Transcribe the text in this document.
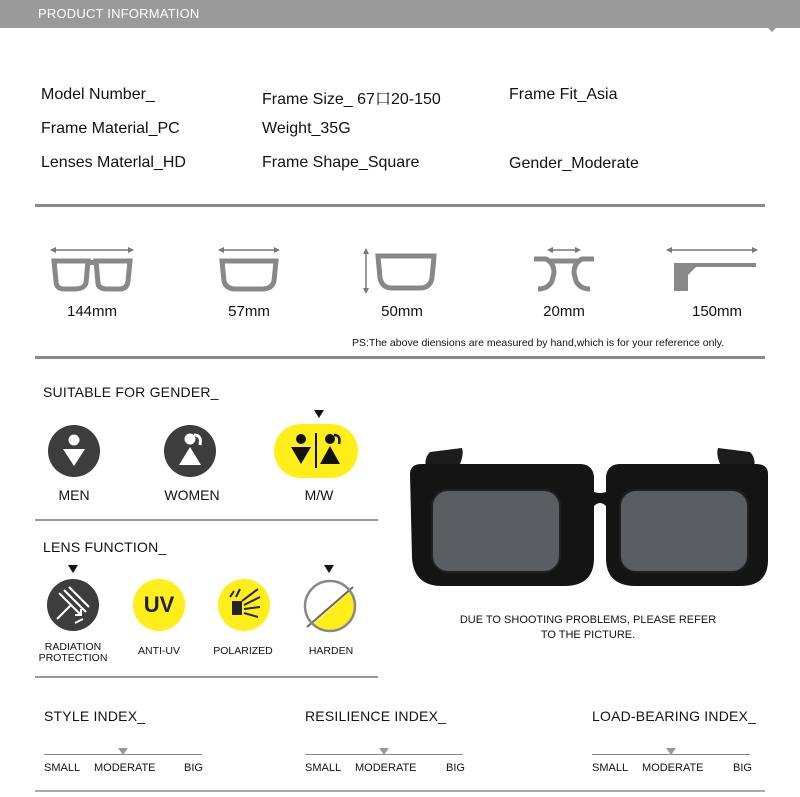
PRODUCT INFORMATION
Model Number_	Frame Size_ 67口20-150	Frame Fit_Asia
Frame Material_PC	Weight_35G
Lenses Materlal_HD	Frame Shape_Square	Gender_Moderate
144mm	57mm	50mm	20mm	150mm
PS:The above diensions are measured by hand,which is for your reference only.
SUITABLE FOR GENDER_
MEN	WOMEN	M/W
LENS FUNCTION_
UV
RADIATION
PROTECTION
ANTI-UV	POLARIZED	HARDEN
DUE TO SHOOTING PROBLEMS, PLEASE REFER
TO THE PICTURE.
STYLE INDEX_	RESILIENCE INDEX_	LOAD-BEARING INDEX_
SMALL MODERATE	BIG	SMALL MODERATE	BIG	SMALL MODERATE	BIG
